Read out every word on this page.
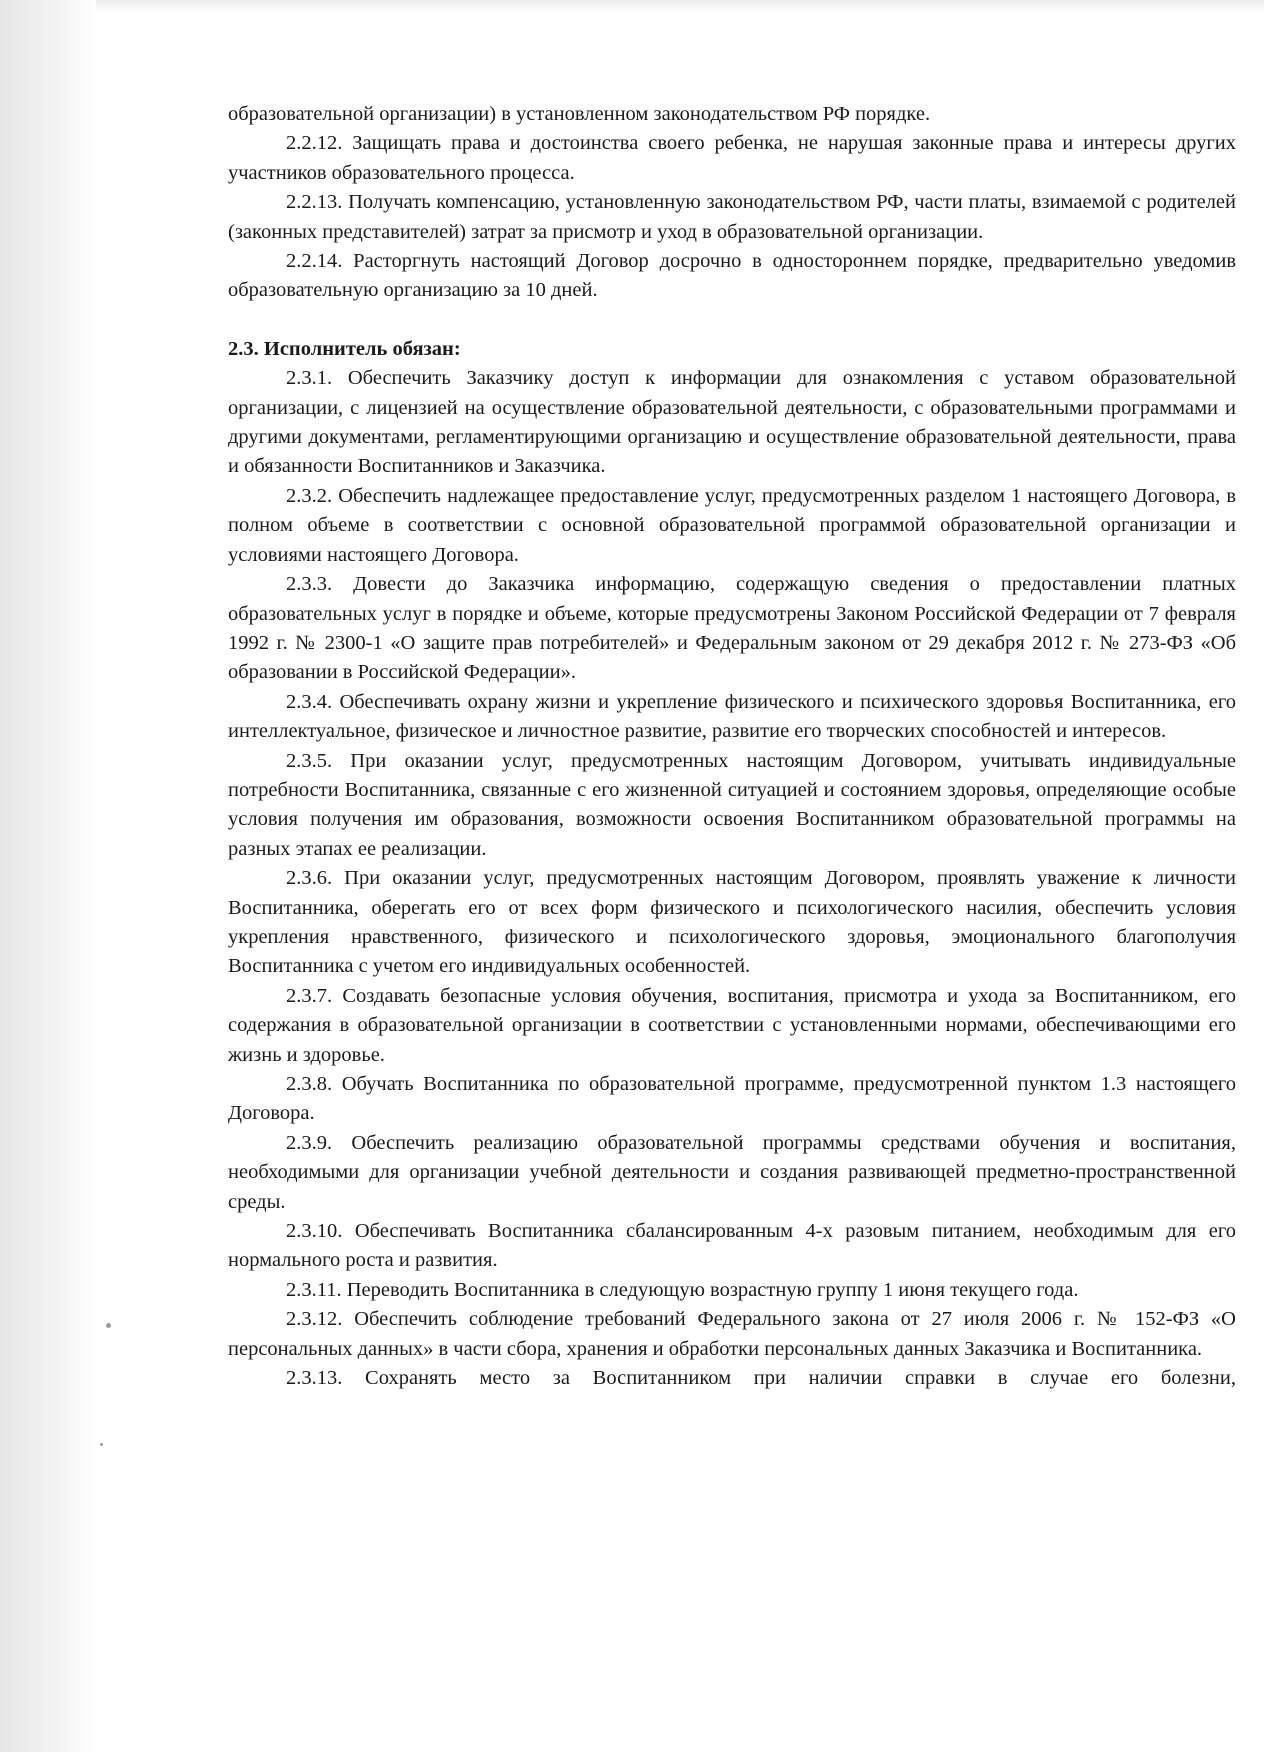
образовательной организации) в установленном законодательством РФ порядке.

2.2.12. Защищать права и достоинства своего ребенка, не нарушая законные права и интересы других участников образовательного процесса.

2.2.13. Получать компенсацию, установленную законодательством РФ, части платы, взимаемой с родителей (законных представителей) затрат за присмотр и уход в образовательной организации.

2.2.14. Расторгнуть настоящий Договор досрочно в одностороннем порядке, предварительно уведомив образовательную организацию за 10 дней.

2.3. Исполнитель обязан:

2.3.1. Обеспечить Заказчику доступ к информации для ознакомления с уставом образовательной организации, с лицензией на осуществление образовательной деятельности, с образовательными программами и другими документами, регламентирующими организацию и осуществление образовательной деятельности, права и обязанности Воспитанников и Заказчика.

2.3.2. Обеспечить надлежащее предоставление услуг, предусмотренных разделом 1 настоящего Договора, в полном объеме в соответствии с основной образовательной программой образовательной организации и условиями настоящего Договора.

2.3.3. Довести до Заказчика информацию, содержащую сведения о предоставлении платных образовательных услуг в порядке и объеме, которые предусмотрены Законом Российской Федерации от 7 февраля 1992 г. № 2300-1 «О защите прав потребителей» и Федеральным законом от 29 декабря 2012 г. № 273-ФЗ «Об образовании в Российской Федерации».

2.3.4. Обеспечивать охрану жизни и укрепление физического и психического здоровья Воспитанника, его интеллектуальное, физическое и личностное развитие, развитие его творческих способностей и интересов.

2.3.5. При оказании услуг, предусмотренных настоящим Договором, учитывать индивидуальные потребности Воспитанника, связанные с его жизненной ситуацией и состоянием здоровья, определяющие особые условия получения им образования, возможности освоения Воспитанником образовательной программы на разных этапах ее реализации.

2.3.6. При оказании услуг, предусмотренных настоящим Договором, проявлять уважение к личности Воспитанника, оберегать его от всех форм физического и психологического насилия, обеспечить условия укрепления нравственного, физического и психологического здоровья, эмоционального благополучия Воспитанника с учетом его индивидуальных особенностей.

2.3.7. Создавать безопасные условия обучения, воспитания, присмотра и ухода за Воспитанником, его содержания в образовательной организации в соответствии с установленными нормами, обеспечивающими его жизнь и здоровье.

2.3.8. Обучать Воспитанника по образовательной программе, предусмотренной пунктом 1.3 настоящего Договора.

2.3.9. Обеспечить реализацию образовательной программы средствами обучения и воспитания, необходимыми для организации учебной деятельности и создания развивающей предметно-пространственной среды.

2.3.10. Обеспечивать Воспитанника сбалансированным 4-х разовым питанием, необходимым для его нормального роста и развития.

2.3.11. Переводить Воспитанника в следующую возрастную группу 1 июня текущего года.

2.3.12. Обеспечить соблюдение требований Федерального закона от 27 июля 2006 г. № 152-ФЗ «О персональных данных» в части сбора, хранения и обработки персональных данных Заказчика и Воспитанника.

2.3.13. Сохранять место за Воспитанником при наличии справки в случае его болезни,
